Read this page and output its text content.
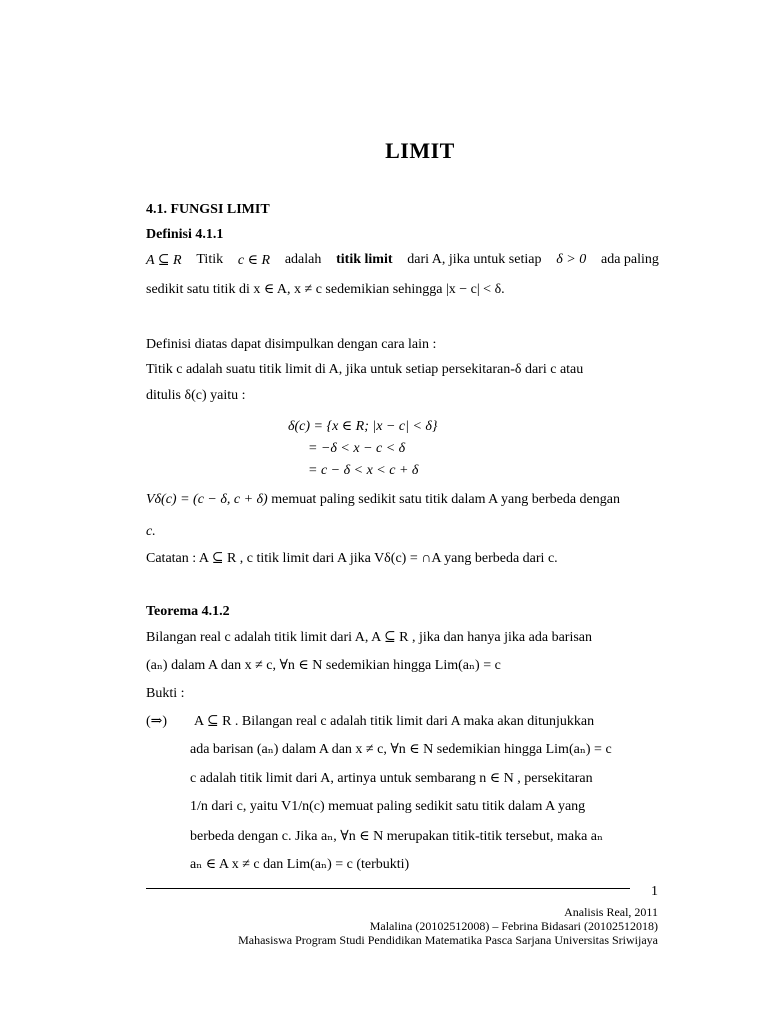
LIMIT
4.1. FUNGSI LIMIT
Definisi 4.1.1
A ⊆ R Titik c ∈ R adalah titik limit dari A, jika untuk setiap δ > 0 ada paling
sedikit satu titik di x ∈ A, x ≠ c sedemikian sehingga |x − c| < δ.
Definisi diatas dapat disimpulkan dengan cara lain :
Titik c adalah suatu titik limit di A, jika untuk setiap persekitaran-δ dari c atau
ditulis δ(c) yaitu :
δ(c) = {x ∈ R; |x − c| < δ}
= −δ < x − c < δ
= c − δ < x < c + δ
Vδ(c) = (c − δ, c + δ) memuat paling sedikit satu titik dalam A yang berbeda dengan
c.
Catatan : A ⊆ R , c titik limit dari A jika Vδ(c) = ∩A yang berbeda dari c.
Teorema 4.1.2
Bilangan real c adalah titik limit dari A, A ⊆ R , jika dan hanya jika ada barisan
(aₙ) dalam A dan x ≠ c, ∀n ∈ N sedemikian hingga Lim(aₙ) = c
Bukti :
(⇒) A ⊆ R . Bilangan real c adalah titik limit dari A maka akan ditunjukkan
ada barisan (aₙ) dalam A dan x ≠ c, ∀n ∈ N sedemikian hingga Lim(aₙ) = c
c adalah titik limit dari A, artinya untuk sembarang n ∈ N , persekitaran
1/n dari c, yaitu V1/n(c) memuat paling sedikit satu titik dalam A yang
berbeda dengan c. Jika aₙ, ∀n ∈ N merupakan titik-titik tersebut, maka aₙ
aₙ ∈ A x ≠ c dan Lim(aₙ) = c (terbukti)
1
Analisis Real, 2011
Malalina (20102512008) – Febrina Bidasari (20102512018)
Mahasiswa Program Studi Pendidikan Matematika Pasca Sarjana Universitas Sriwijaya
